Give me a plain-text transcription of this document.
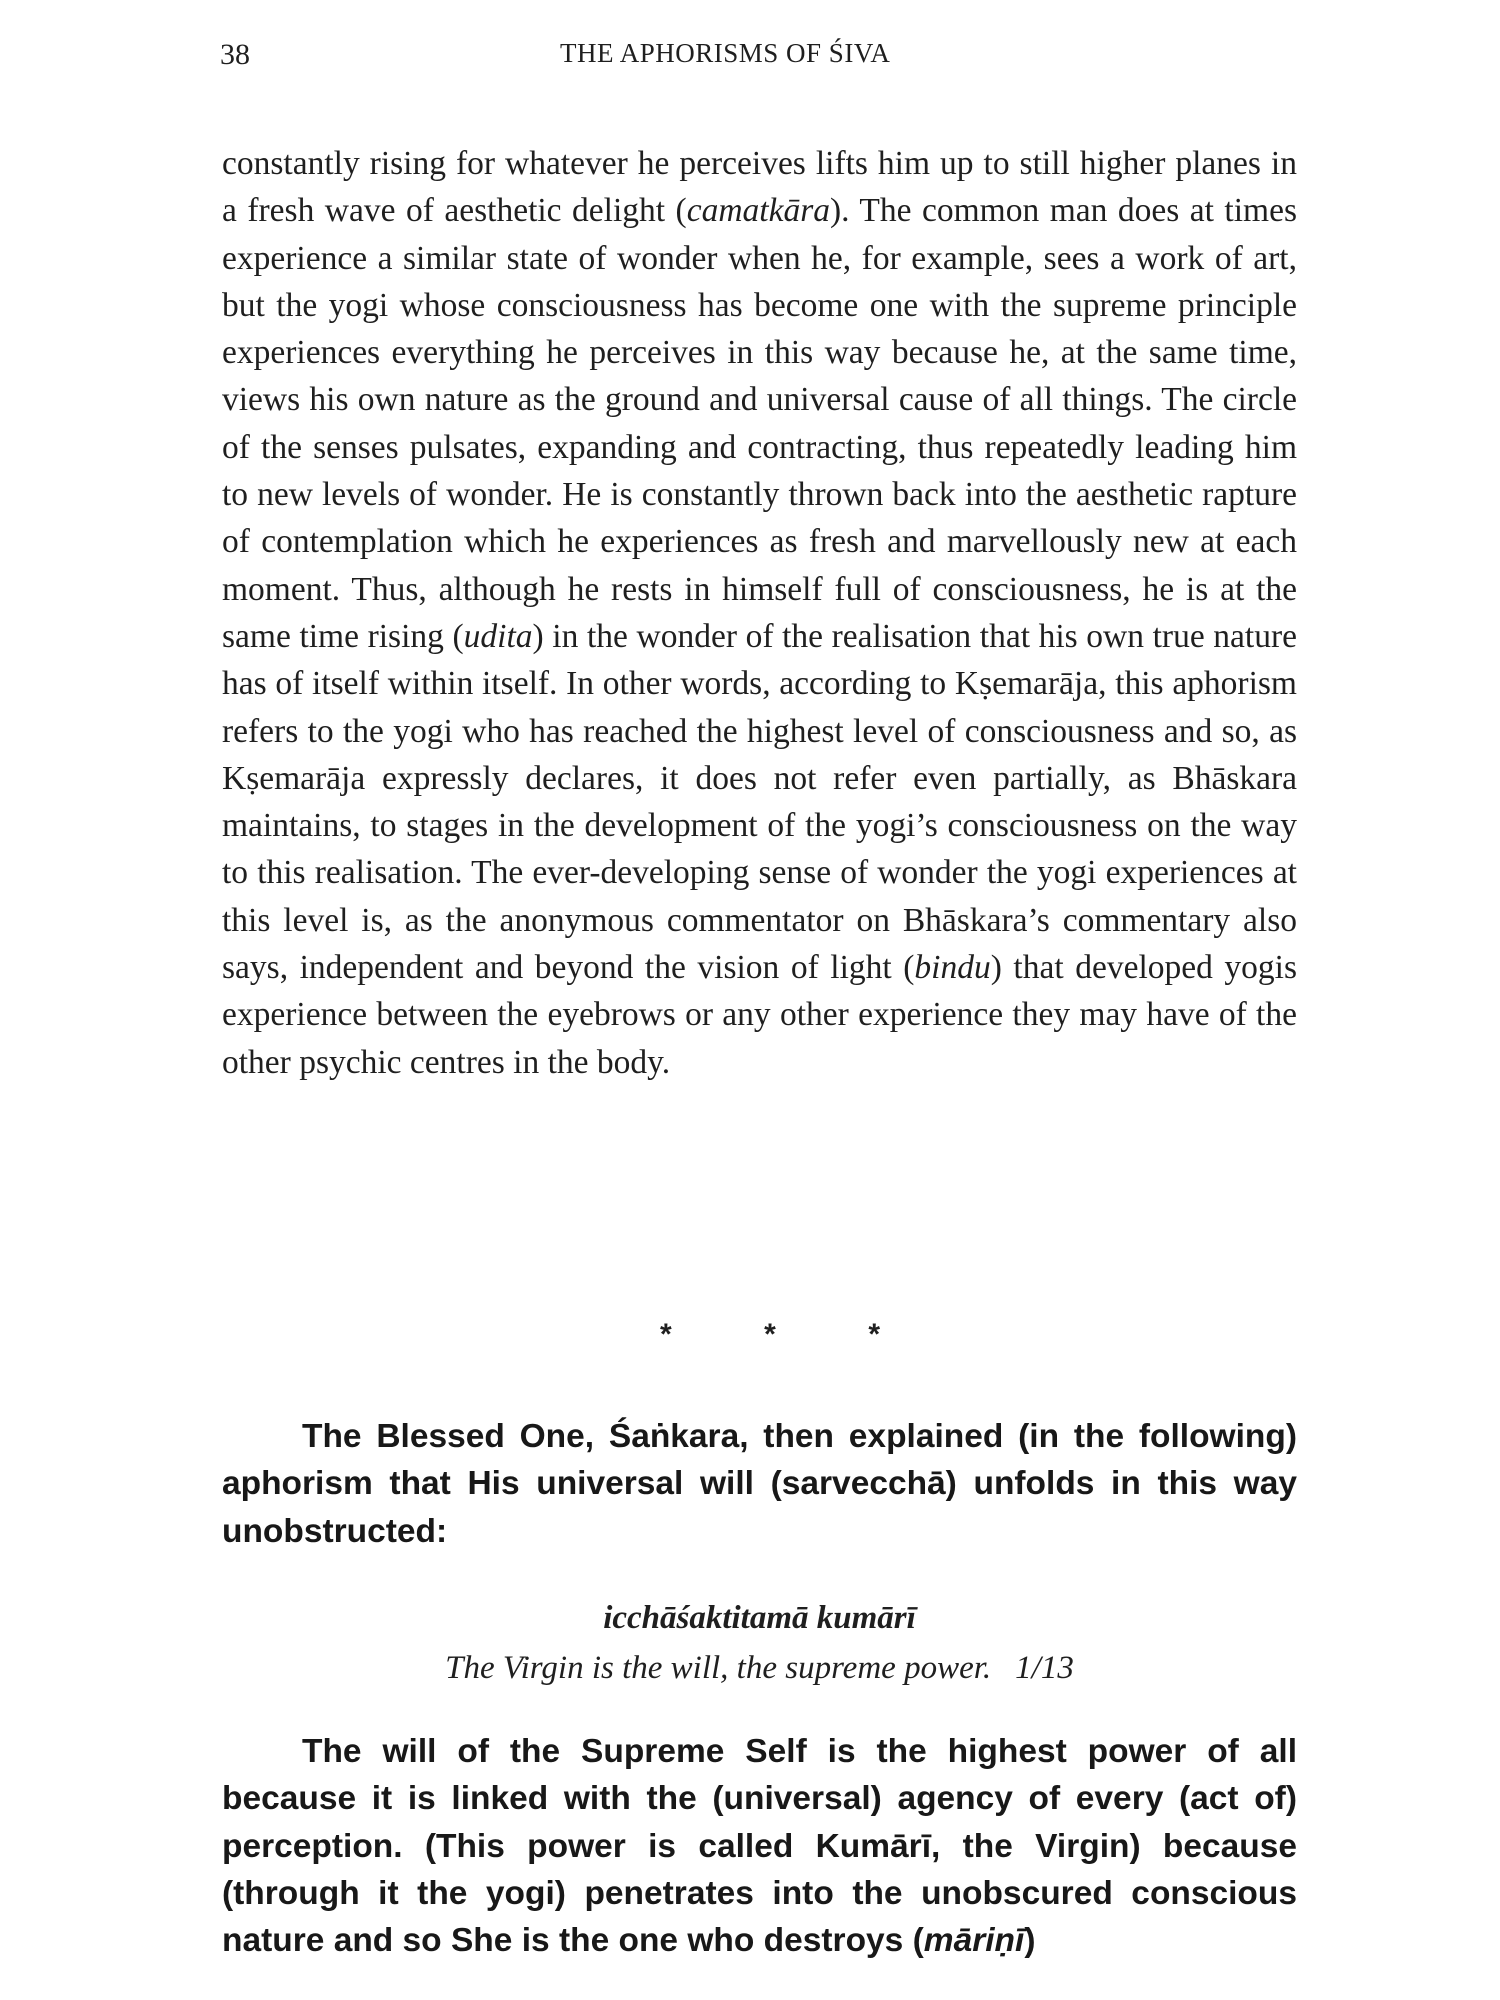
38	THE APHORISMS OF ŚIVA

constantly rising for whatever he perceives lifts him up to still higher planes in a fresh wave of aesthetic delight (camatkāra). The common man does at times experience a similar state of wonder when he, for example, sees a work of art, but the yogi whose consciousness has become one with the supreme principle experiences everything he perceives in this way because he, at the same time, views his own nature as the ground and universal cause of all things. The circle of the senses pulsates, expanding and contracting, thus repeatedly leading him to new levels of wonder. He is constantly thrown back into the aesthetic rapture of contemplation which he experiences as fresh and marvellously new at each moment. Thus, although he rests in himself full of consciousness, he is at the same time rising (udita) in the wonder of the realisation that his own true nature has of itself within itself. In other words, according to Kṣemarāja, this aphorism refers to the yogi who has reached the highest level of consciousness and so, as Kṣemarāja expressly declares, it does not refer even partially, as Bhāskara maintains, to stages in the development of the yogi’s consciousness on the way to this realisation. The ever-developing sense of wonder the yogi experiences at this level is, as the anonymous commentator on Bhāskara’s commentary also says, independent and beyond the vision of light (bindu) that developed yogis experience between the eyebrows or any other experience they may have of the other psychic centres in the body.

*	*	*

The Blessed One, Śaṅkara, then explained (in the following) aphorism that His universal will (sarvecchā) unfolds in this way unobstructed:

icchāśaktitamā kumārī

The Virgin is the will, the supreme power. 1/13

The will of the Supreme Self is the highest power of all because it is linked with the (universal) agency of every (act of) perception. (This power is called Kumārī, the Virgin) because (through it the yogi) penetrates into the unobscured conscious nature and so She is the one who destroys (māriṇī)
